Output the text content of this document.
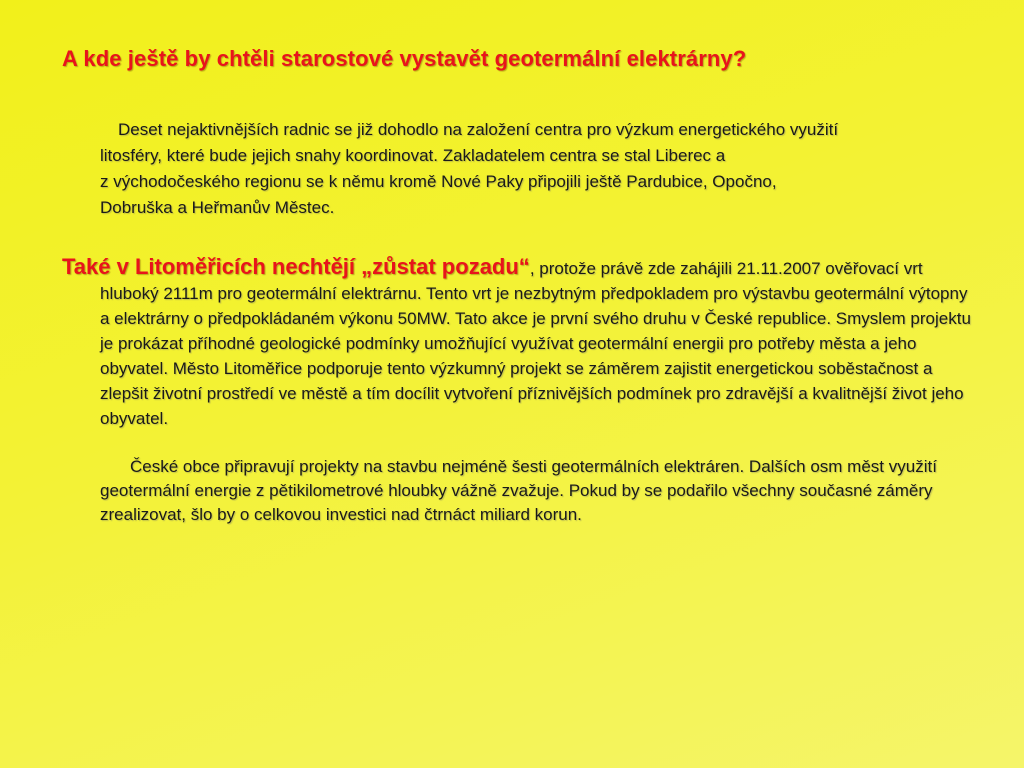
A kde ještě by chtěli starostové vystavět geotermální elektrárny?

Deset nejaktivnějších radnic se již dohodlo na založení centra pro výzkum energetického využití
litosféry, které bude jejich snahy koordinovat. Zakladatelem centra se stal Liberec a
z východočeského regionu se k němu kromě Nové Paky připojili ještě Pardubice, Opočno,
Dobruška a Heřmanův Městec.

Také v Litoměřicích nechtějí „zůstat pozadu“, protože právě zde zahájili 21.11.2007 ověřovací vrt hluboký 2111m pro geotermální elektrárnu. Tento vrt je nezbytným předpokladem pro výstavbu geotermální výtopny a elektrárny o předpokládaném výkonu 50MW. Tato akce je první svého druhu v České republice. Smyslem projektu je prokázat příhodné geologické podmínky umožňující využívat geotermální energii pro potřeby města a jeho obyvatel. Město Litoměřice podporuje tento výzkumný projekt se záměrem zajistit energetickou soběstačnost a zlepšit životní prostředí ve městě a tím docílit vytvoření příznivějších podmínek pro zdravější a kvalitnější život jeho obyvatel.

České obce připravují projekty na stavbu nejméně šesti geotermálních elektráren. Dalších osm měst využití geotermální energie z pětikilometrové hloubky vážně zvažuje. Pokud by se podařilo všechny současné záměry zrealizovat, šlo by o celkovou investici nad čtrnáct miliard korun.
